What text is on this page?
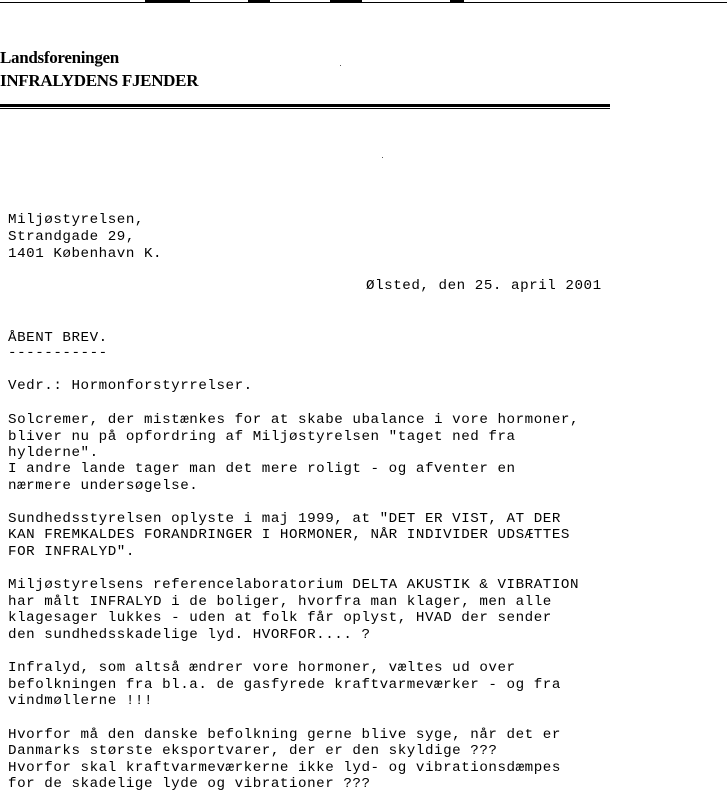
Landsforeningen
INFRALYDENS FJENDER
Miljøstyrelsen,
Strandgade 29,
1401 København K.
Ølsted, den 25. april 2001
ÅBENT BREV.
-----------
Vedr.: Hormonforstyrrelser.
Solcremer, der mistænkes for at skabe ubalance i vore hormoner,
bliver nu på opfordring af Miljøstyrelsen "taget ned fra
hylderne".
I andre lande tager man det mere roligt - og afventer en
nærmere undersøgelse.
Sundhedsstyrelsen oplyste i maj 1999, at "DET ER VIST, AT DER
KAN FREMKALDES FORANDRINGER I HORMONER, NÅR INDIVIDER UDSÆTTES
FOR INFRALYD".
Miljøstyrelsens referencelaboratorium DELTA AKUSTIK & VIBRATION
har målt INFRALYD i de boliger, hvorfra man klager, men alle
klagesager lukkes - uden at folk får oplyst, HVAD der sender
den sundhedsskadelige lyd. HVORFOR.... ?
Infralyd, som altså ændrer vore hormoner, væltes ud over
befolkningen fra bl.a. de gasfyrede kraftvarmeværker - og fra
vindmøllerne !!!
Hvorfor må den danske befolkning gerne blive syge, når det er
Danmarks største eksportvarer, der er den skyldige ???
Hvorfor skal kraftvarmeværkerne ikke lyd- og vibrationsdæmpes
for de skadelige lyde og vibrationer ???
